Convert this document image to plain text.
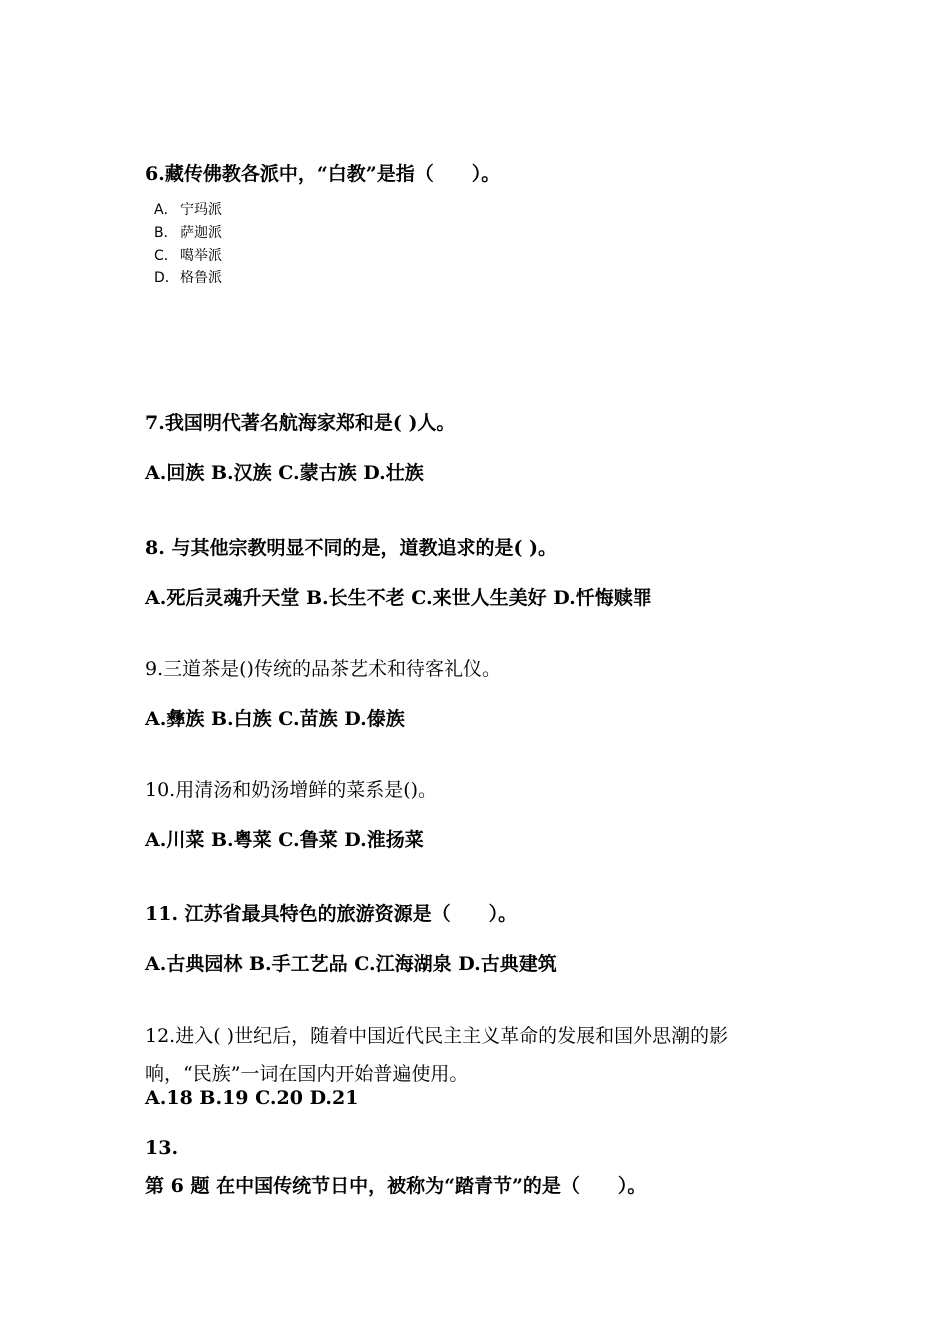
6.藏传佛教各派中，“白教”是指（　　）。
A． 宁玛派
B． 萨迦派
C． 噶举派
D．格鲁派
7.我国明代著名航海家郑和是( )人。
A.回族 B.汉族 C.蒙古族 D.壮族
8. 与其他宗教明显不同的是，道教追求的是( )。
A.死后灵魂升天堂 B.长生不老 C.来世人生美好 D.忏悔赎罪
9.三道茶是()传统的品茶艺术和待客礼仪。
A.彝族 B.白族 C.苗族 D.傣族
10.用清汤和奶汤增鲜的菜系是()。
A.川菜 B.粤菜 C.鲁菜 D.淮扬菜
11. 江苏省最具特色的旅游资源是（　　）。
A.古典园林 B.手工艺品 C.江海湖泉 D.古典建筑
12.进入( )世纪后，随着中国近代民主主义革命的发展和国外思潮的影
响，“民族”一词在国内开始普遍使用。
A.18 B.19 C.20 D.21
13.
第 6 题 在中国传统节日中，被称为“踏青节”的是（　　）。
